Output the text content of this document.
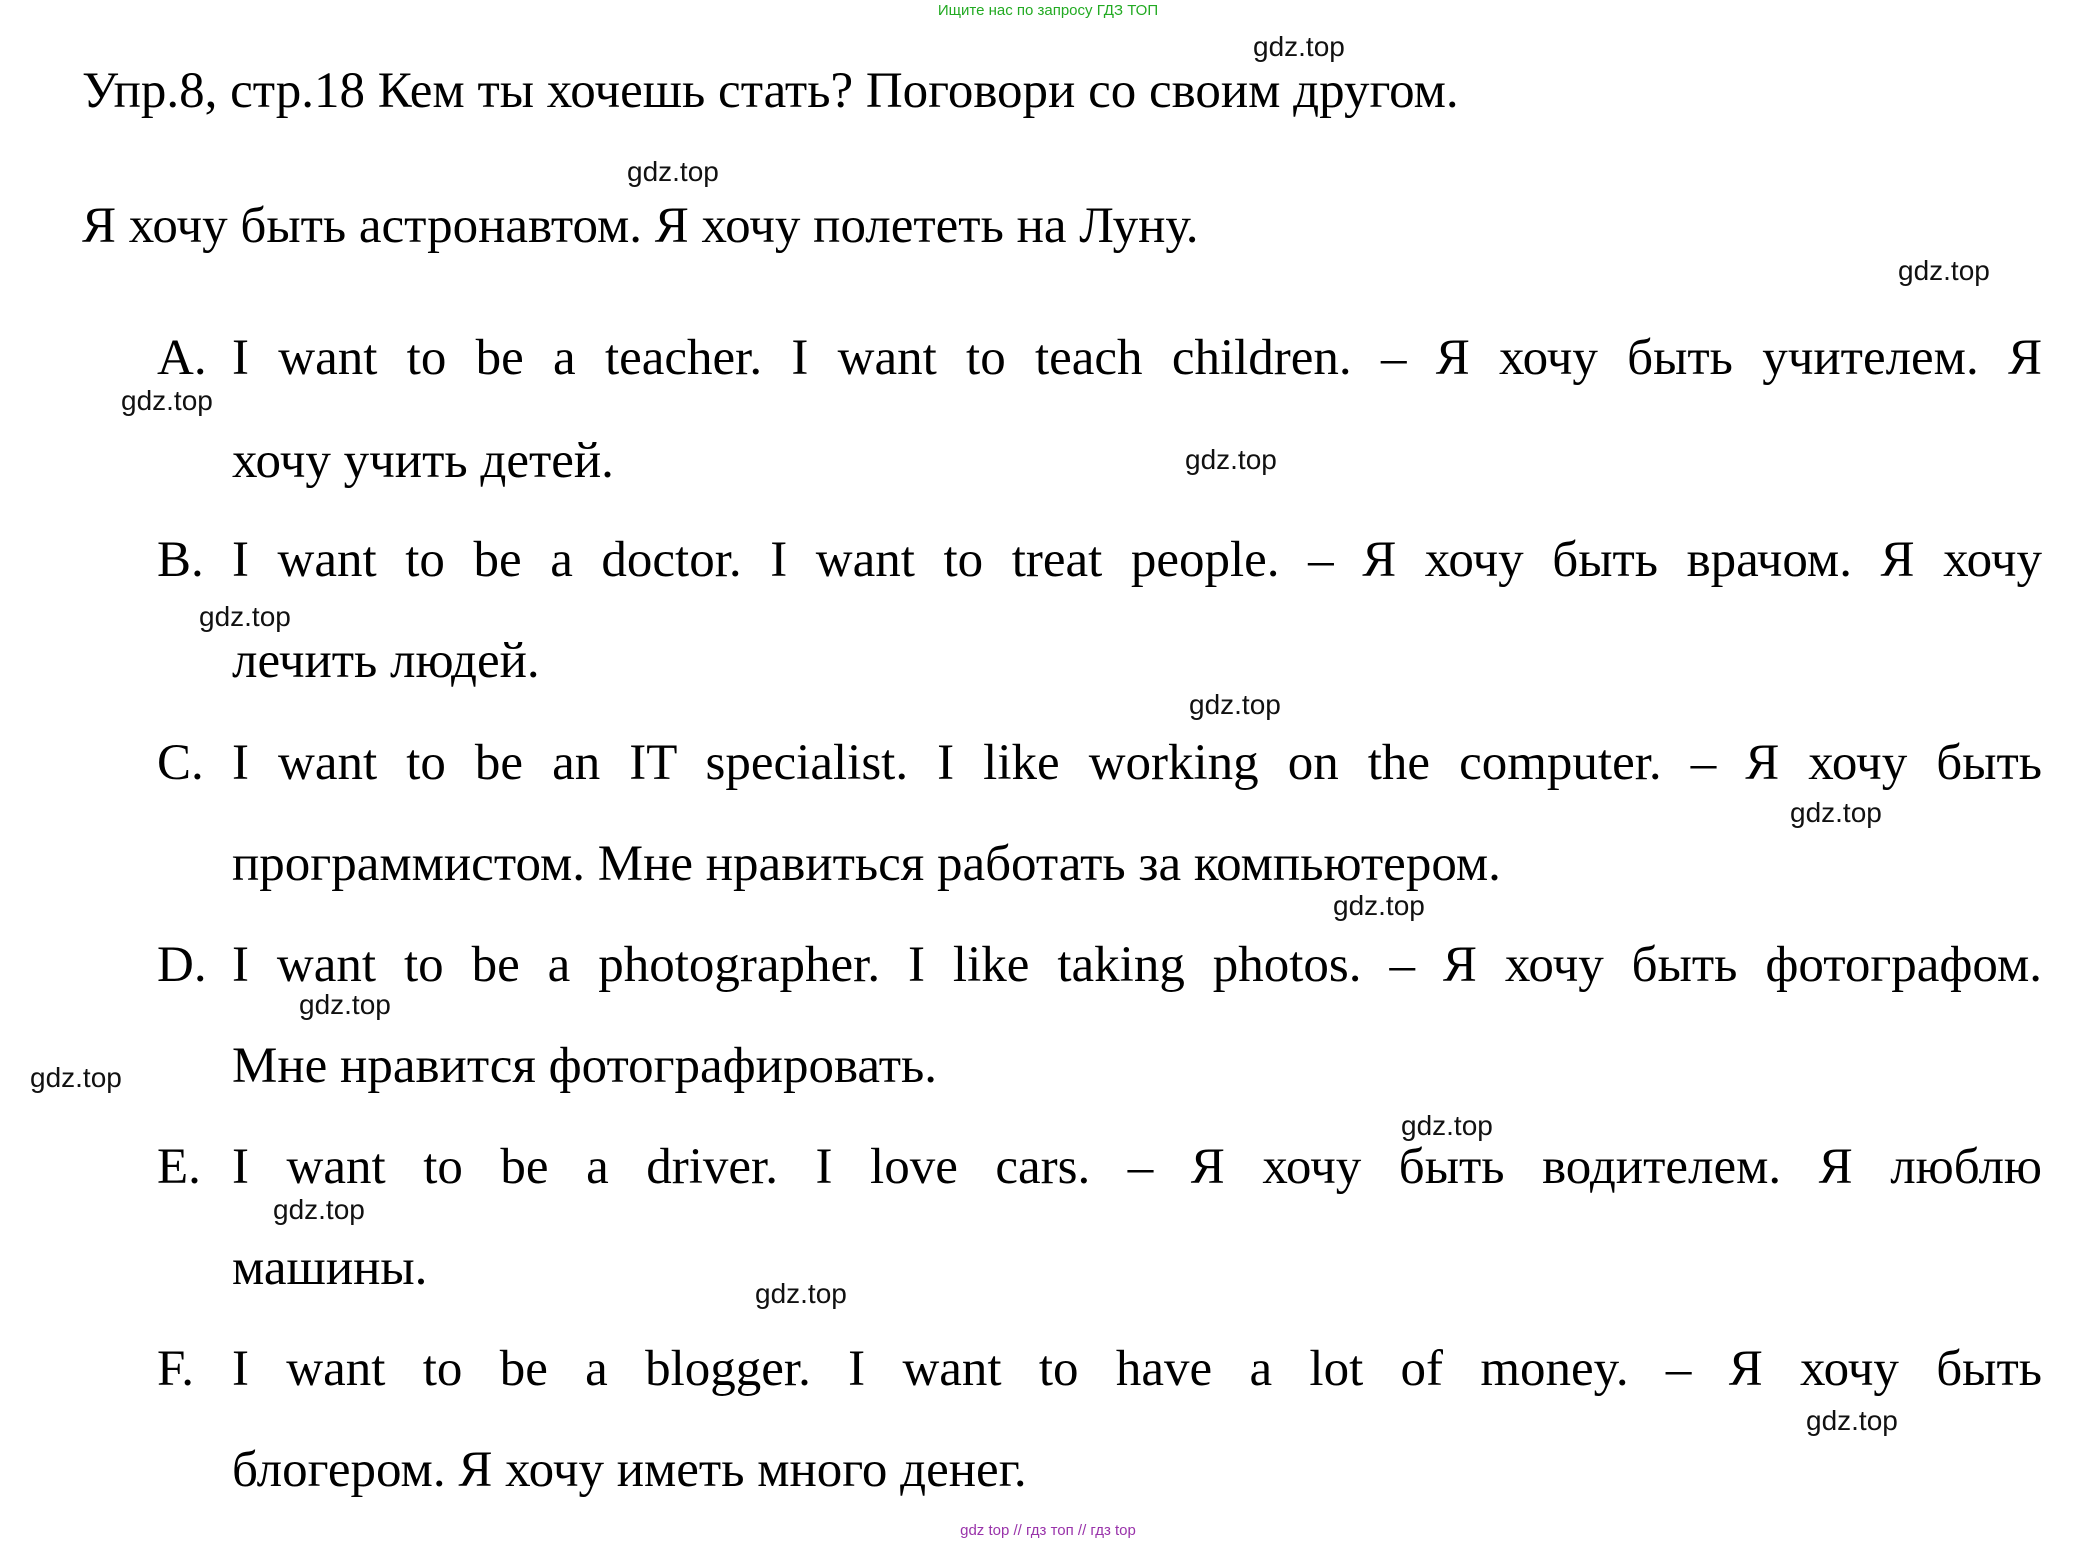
Ищите нас по запросу ГДЗ ТОП
Упр.8, стр.18 Кем ты хочешь стать? Поговори со своим другом.
Я хочу быть астронавтом. Я хочу полететь на Луну.
A. I want to be a teacher. I want to teach children. – Я хочу быть учителем. Я
хочу учить детей.
B. I want to be a doctor. I want to treat people. – Я хочу быть врачом. Я хочу
лечить людей.
C. I want to be an IT specialist. I like working on the computer. – Я хочу быть
программистом. Мне нравиться работать за компьютером.
D. I want to be a photographer. I like taking photos. – Я хочу быть фотографом.
Мне нравится фотографировать.
E. I want to be a driver. I love cars. – Я хочу быть водителем. Я люблю
машины.
F. I want to be a blogger. I want to have a lot of money. – Я хочу быть
блогером. Я хочу иметь много денег.
gdz.top
gdz.top
gdz.top
gdz.top
gdz.top
gdz.top
gdz.top
gdz.top
gdz.top
gdz.top
gdz.top
gdz.top
gdz.top
gdz.top
gdz.top
gdz top // гдз топ // гдз top
